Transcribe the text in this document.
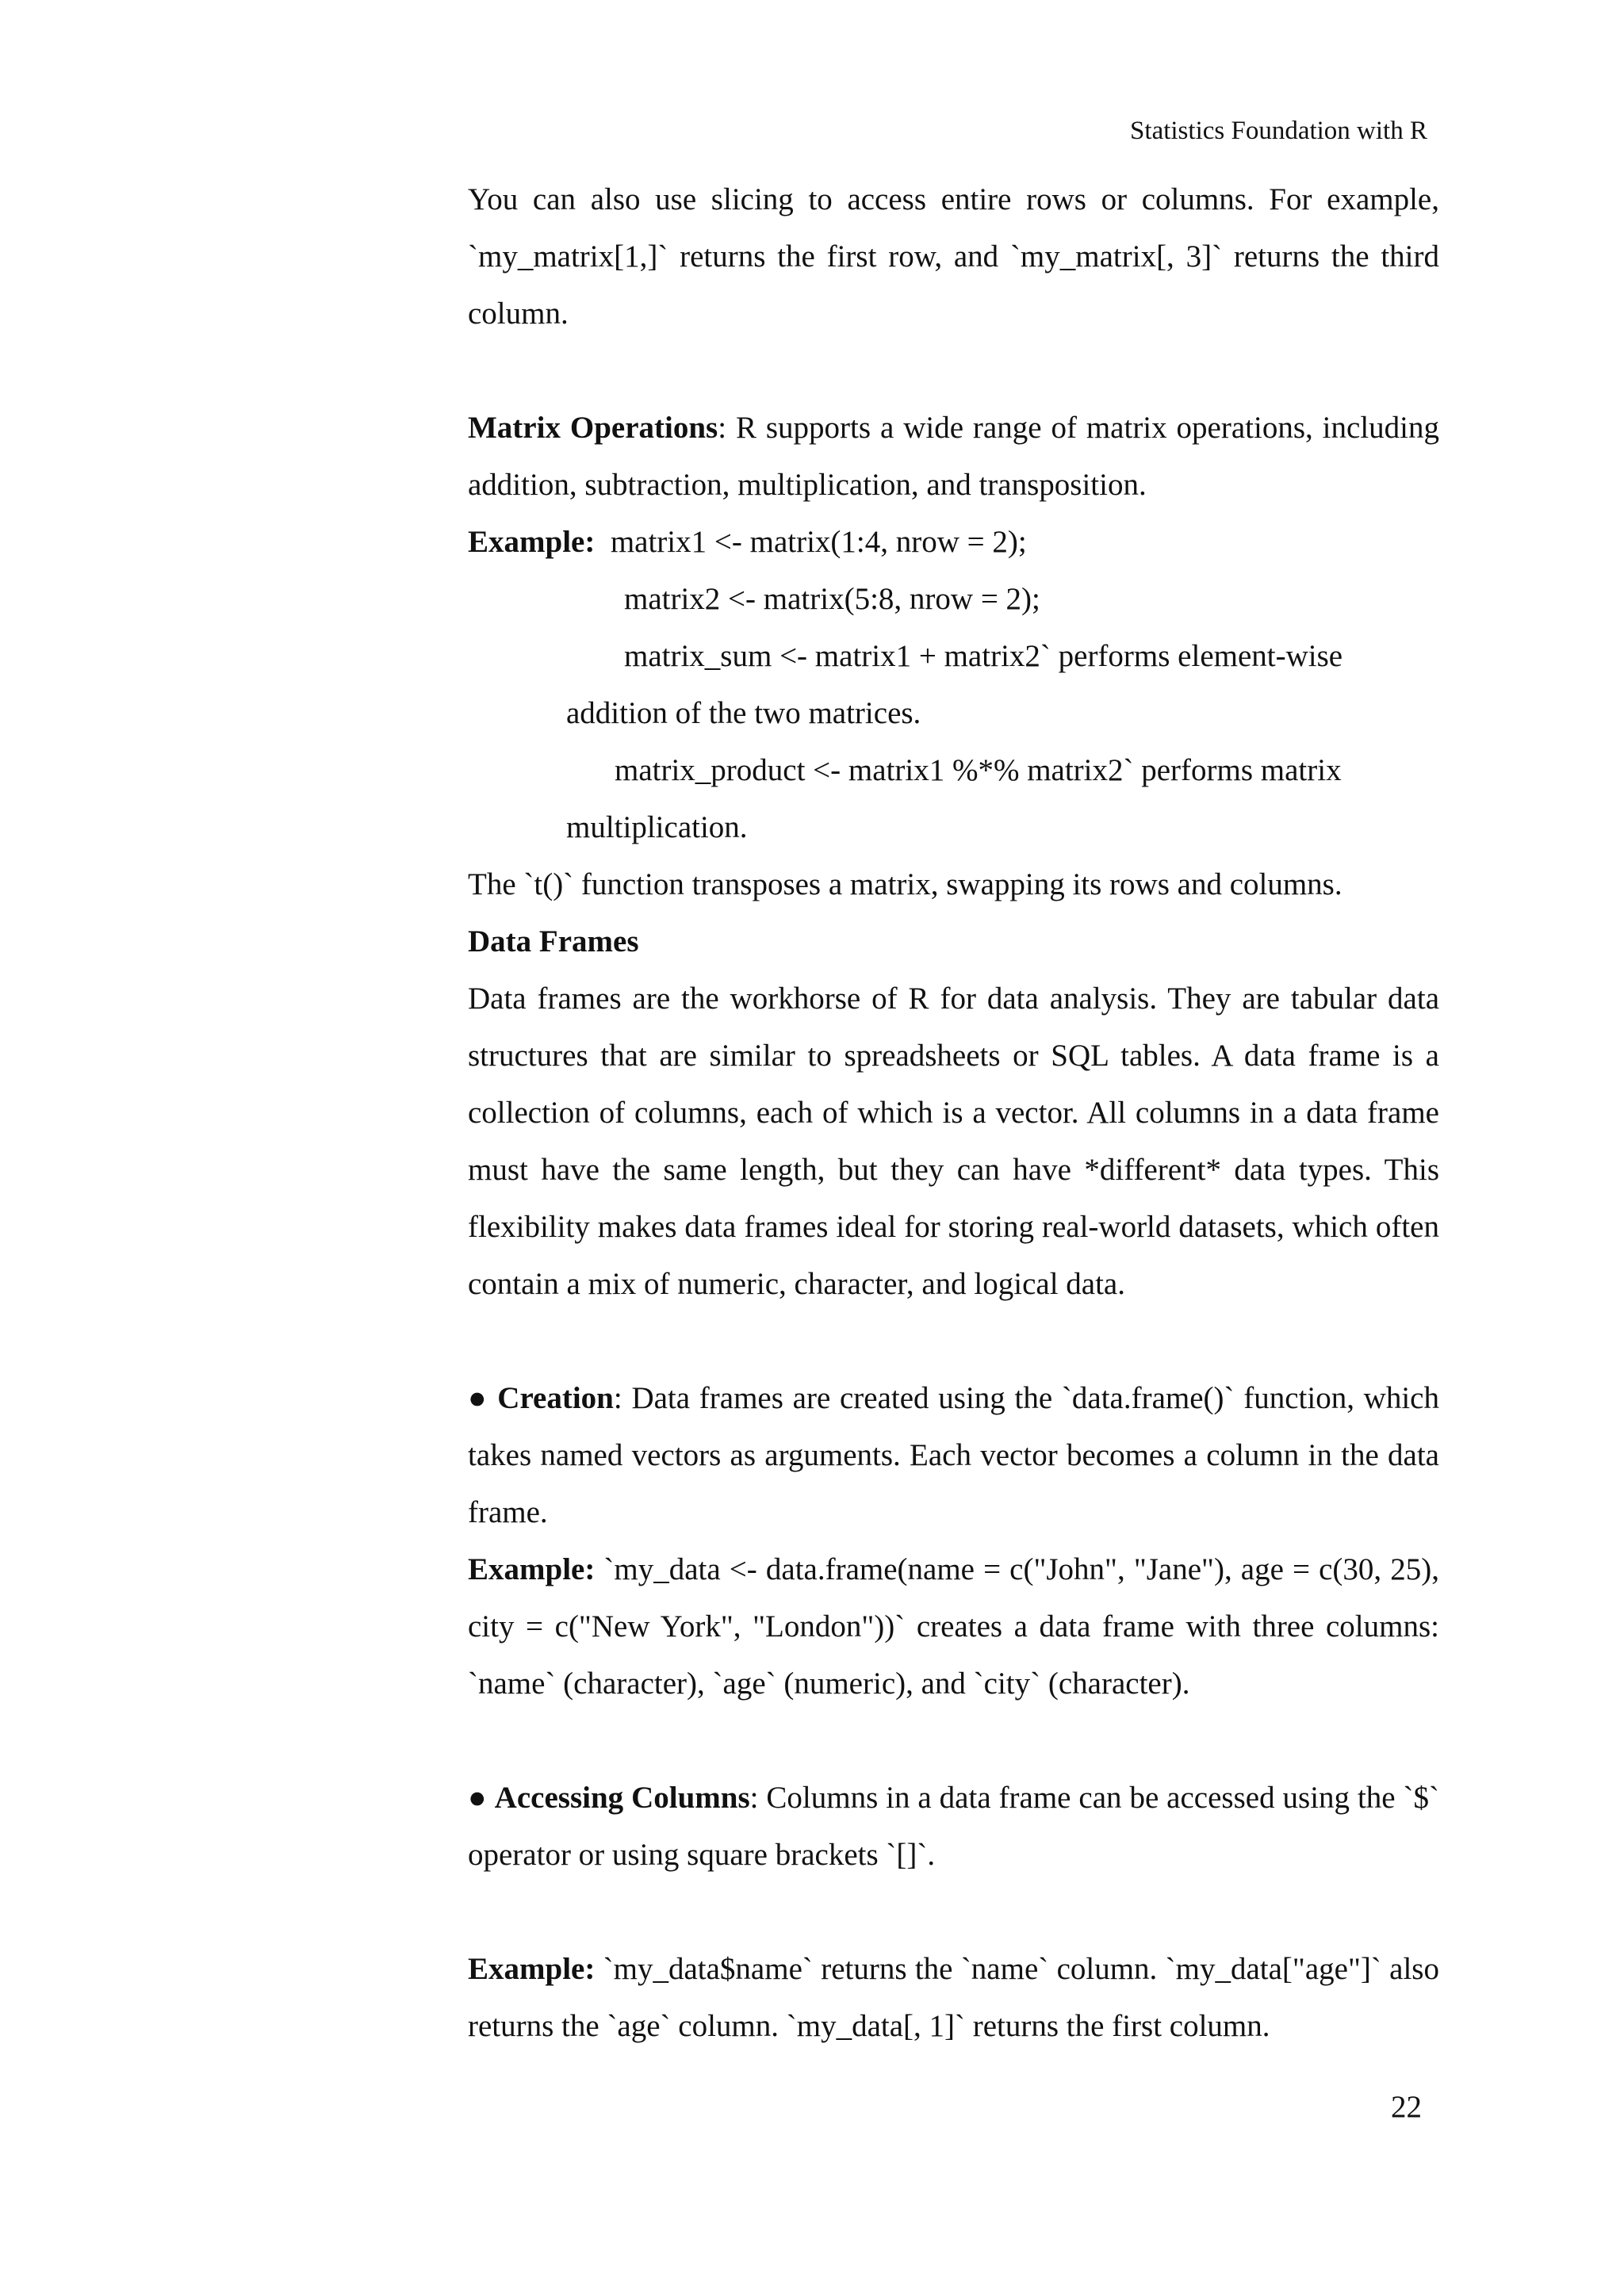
Statistics Foundation with R

You can also use slicing to access entire rows or columns. For example, `my_matrix[1,]` returns the first row, and `my_matrix[, 3]` returns the third column.

Matrix Operations: R supports a wide range of matrix operations, including addition, subtraction, multiplication, and transposition.

Example: matrix1 <- matrix(1:4, nrow = 2);

matrix2 <- matrix(5:8, nrow = 2);

matrix_sum <- matrix1 + matrix2` performs element-wise

addition of the two matrices.

matrix_product <- matrix1 %*% matrix2` performs matrix

multiplication.

The `t()` function transposes a matrix, swapping its rows and columns.

Data Frames

Data frames are the workhorse of R for data analysis. They are tabular data structures that are similar to spreadsheets or SQL tables. A data frame is a collection of columns, each of which is a vector. All columns in a data frame must have the same length, but they can have *different* data types. This flexibility makes data frames ideal for storing real-world datasets, which often contain a mix of numeric, character, and logical data.

● Creation: Data frames are created using the `data.frame()` function, which takes named vectors as arguments. Each vector becomes a column in the data frame.

Example: `my_data <- data.frame(name = c("John", "Jane"), age = c(30, 25), city = c("New York", "London"))` creates a data frame with three columns: `name` (character), `age` (numeric), and `city` (character).

● Accessing Columns: Columns in a data frame can be accessed using the `$` operator or using square brackets `[]`.

Example: `my_data$name` returns the `name` column. `my_data["age"]` also returns the `age` column. `my_data[, 1]` returns the first column.

22
